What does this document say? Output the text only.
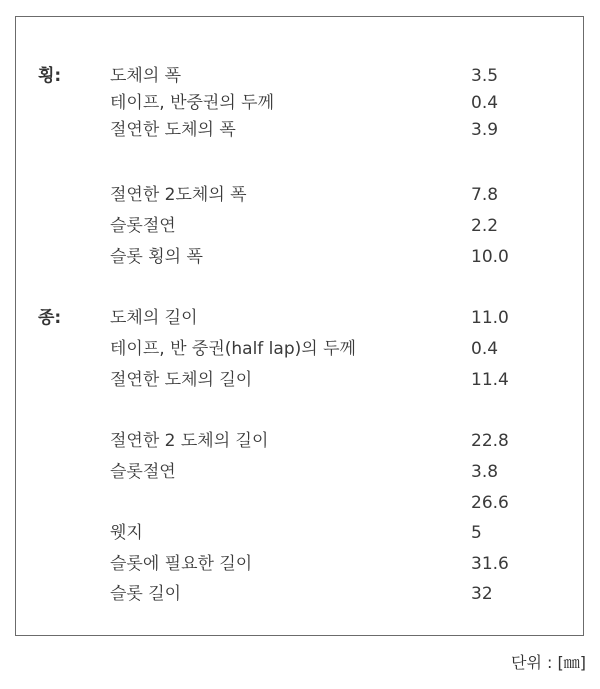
횡:	도체의 폭	3.5
테이프, 반중권의 두께	0.4
절연한 도체의 폭	3.9
절연한 2도체의 폭	7.8
슬롯절연	2.2
슬롯 횡의 폭	10.0
종:	도체의 길이	11.0
테이프, 반 중권(half lap)의 두께	0.4
절연한 도체의 길이	11.4
절연한 2 도체의 길이	22.8
슬롯절연	3.8
26.6
웻지	5
슬롯에 필요한 길이	31.6
슬롯 길이	32
단위 : [㎜]
